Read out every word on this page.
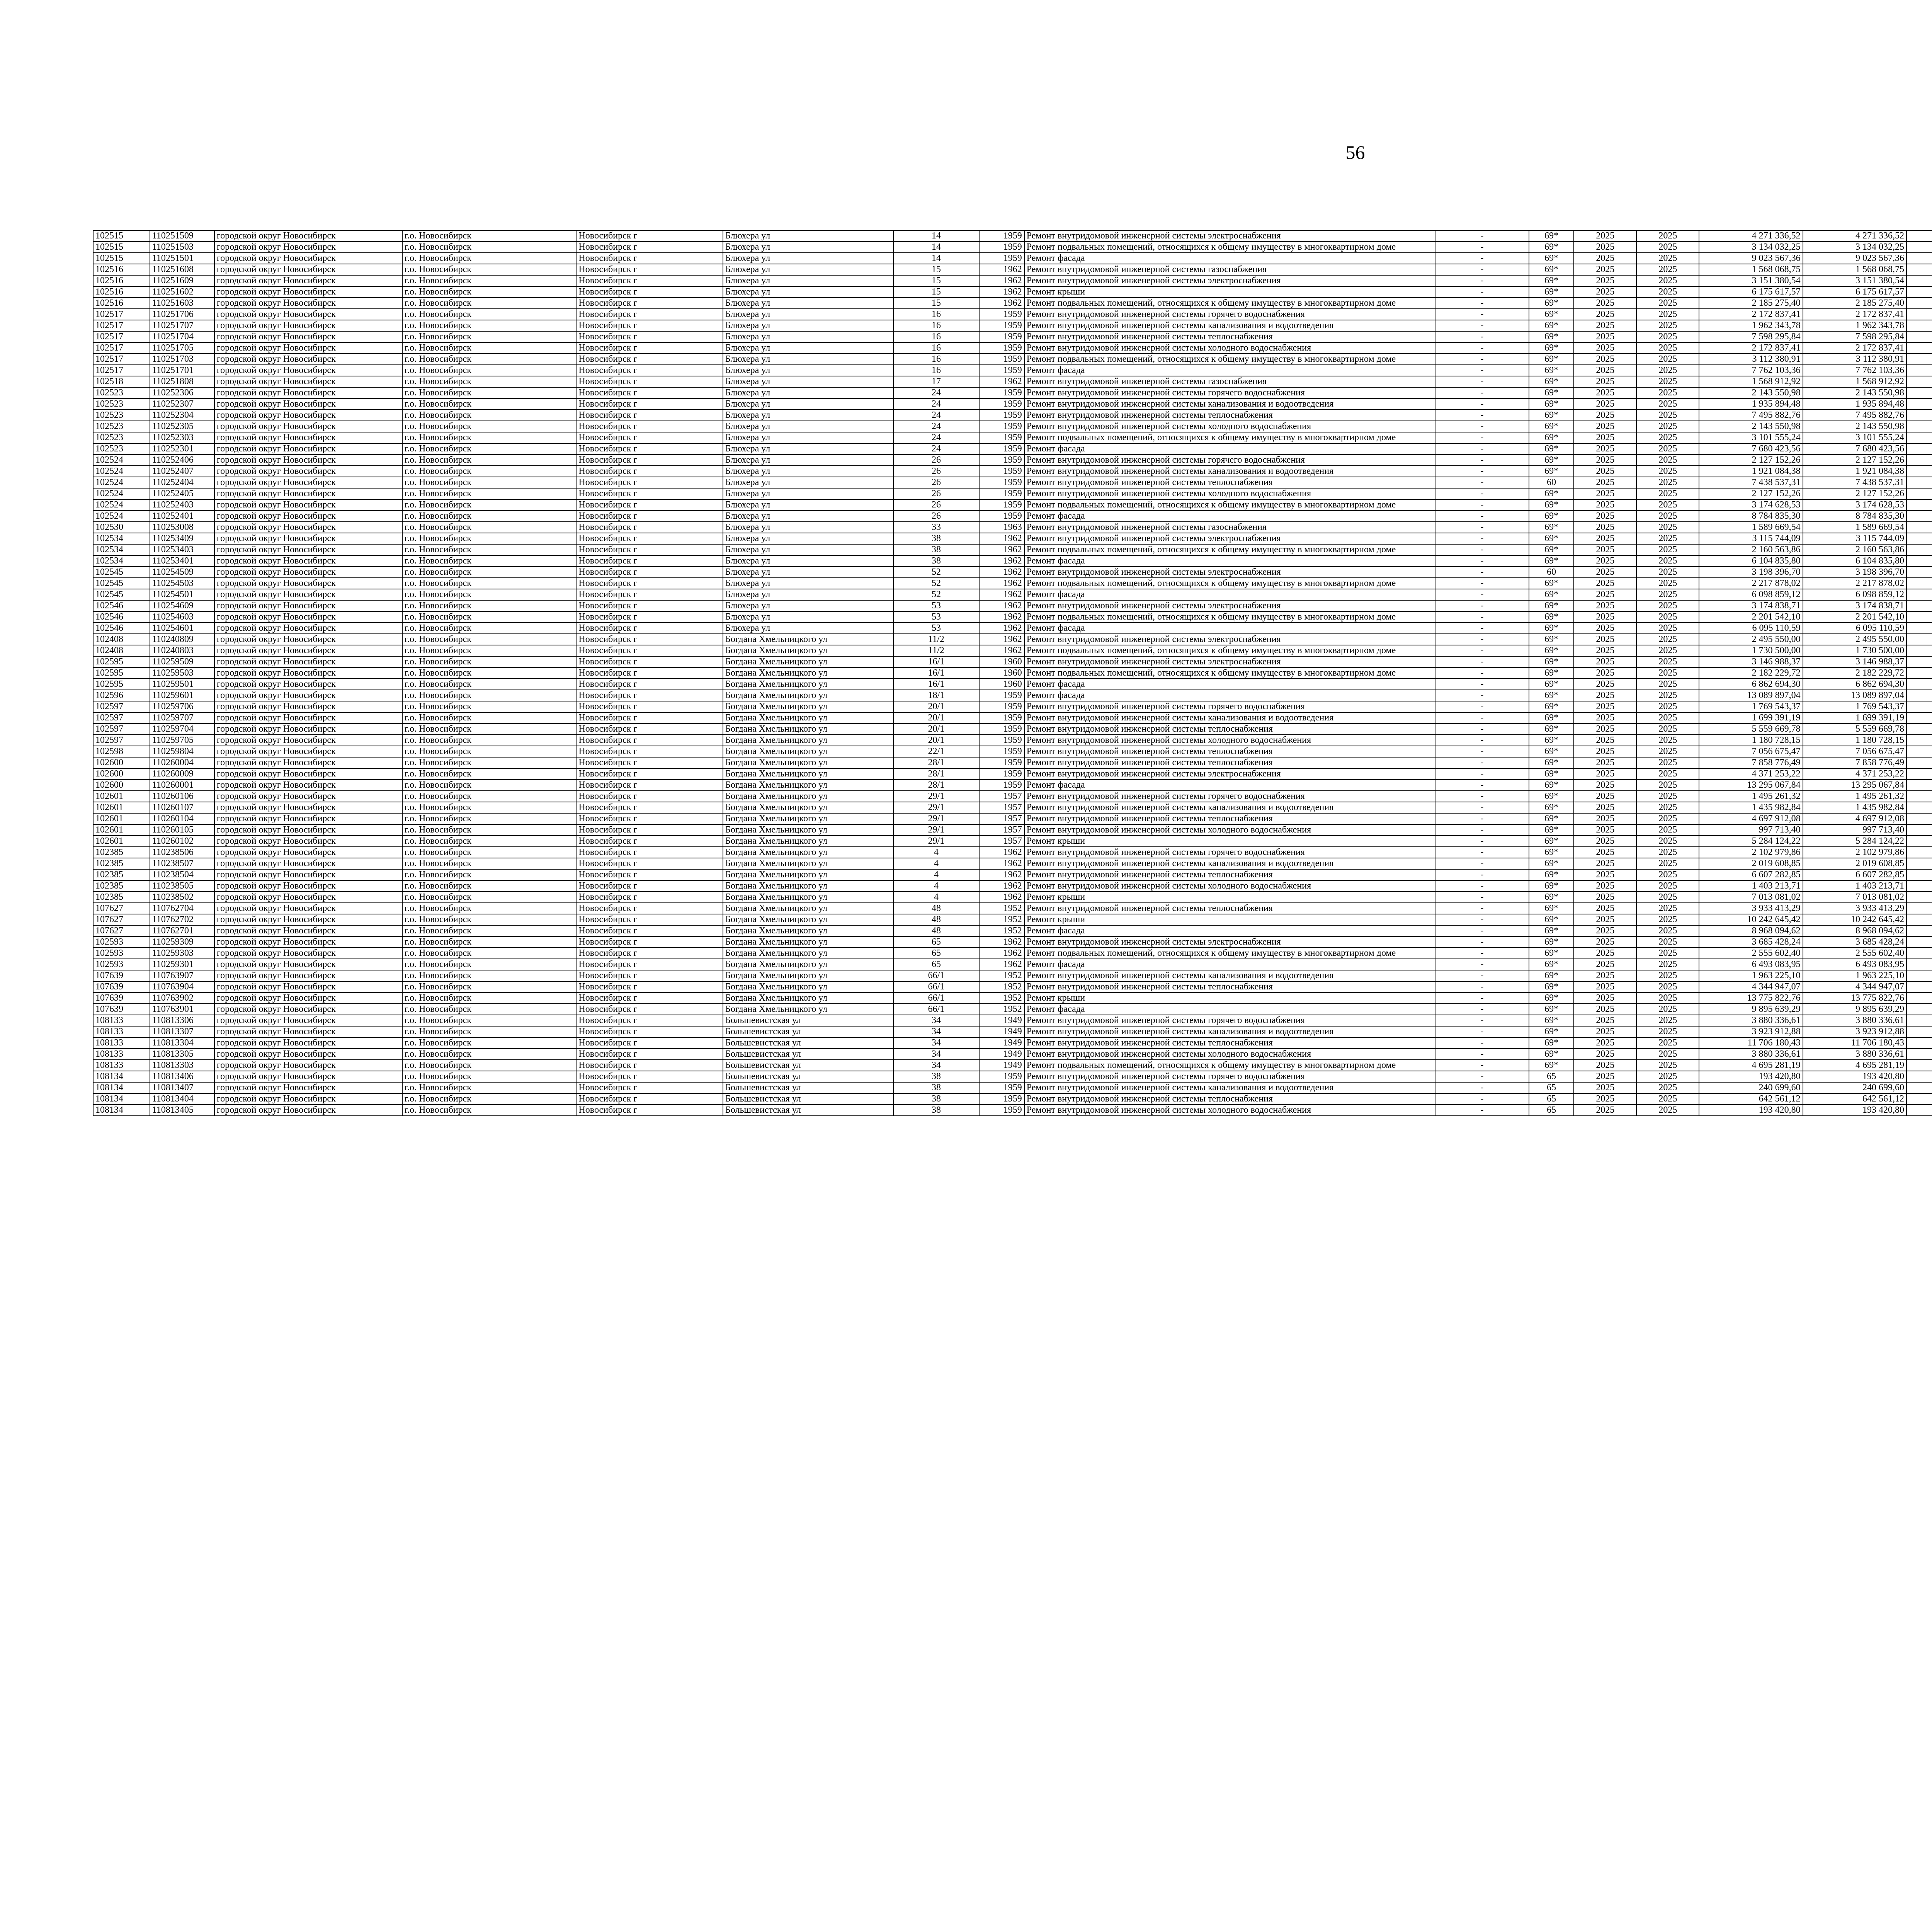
56
102515	110251509	городской округ Новосибирск	г.о. Новосибирск	Новосибирск г	Блюхера ул	14	1959	Ремонт внутридомовой инженерной системы электроснабжения	-	69*	2025	2025	4 271 336,52	4 271 336,52						
102515	110251503	городской округ Новосибирск	г.о. Новосибирск	Новосибирск г	Блюхера ул	14	1959	Ремонт подвальных помещений, относящихся к общему имуществу в многоквартирном доме	-	69*	2025	2025	3 134 032,25	3 134 032,25						
102515	110251501	городской округ Новосибирск	г.о. Новосибирск	Новосибирск г	Блюхера ул	14	1959	Ремонт фасада	-	69*	2025	2025	9 023 567,36	9 023 567,36						
102516	110251608	городской округ Новосибирск	г.о. Новосибирск	Новосибирск г	Блюхера ул	15	1962	Ремонт внутридомовой инженерной системы газоснабжения	-	69*	2025	2025	1 568 068,75	1 568 068,75						
102516	110251609	городской округ Новосибирск	г.о. Новосибирск	Новосибирск г	Блюхера ул	15	1962	Ремонт внутридомовой инженерной системы электроснабжения	-	69*	2025	2025	3 151 380,54	3 151 380,54						
102516	110251602	городской округ Новосибирск	г.о. Новосибирск	Новосибирск г	Блюхера ул	15	1962	Ремонт крыши	-	69*	2025	2025	6 175 617,57	6 175 617,57						
102516	110251603	городской округ Новосибирск	г.о. Новосибирск	Новосибирск г	Блюхера ул	15	1962	Ремонт подвальных помещений, относящихся к общему имуществу в многоквартирном доме	-	69*	2025	2025	2 185 275,40	2 185 275,40						
102517	110251706	городской округ Новосибирск	г.о. Новосибирск	Новосибирск г	Блюхера ул	16	1959	Ремонт внутридомовой инженерной системы горячего водоснабжения	-	69*	2025	2025	2 172 837,41	2 172 837,41						
102517	110251707	городской округ Новосибирск	г.о. Новосибирск	Новосибирск г	Блюхера ул	16	1959	Ремонт внутридомовой инженерной системы канализования и водоотведения	-	69*	2025	2025	1 962 343,78	1 962 343,78						
102517	110251704	городской округ Новосибирск	г.о. Новосибирск	Новосибирск г	Блюхера ул	16	1959	Ремонт внутридомовой инженерной системы теплоснабжения	-	69*	2025	2025	7 598 295,84	7 598 295,84						
102517	110251705	городской округ Новосибирск	г.о. Новосибирск	Новосибирск г	Блюхера ул	16	1959	Ремонт внутридомовой инженерной системы холодного водоснабжения	-	69*	2025	2025	2 172 837,41	2 172 837,41						
102517	110251703	городской округ Новосибирск	г.о. Новосибирск	Новосибирск г	Блюхера ул	16	1959	Ремонт подвальных помещений, относящихся к общему имуществу в многоквартирном доме	-	69*	2025	2025	3 112 380,91	3 112 380,91						
102517	110251701	городской округ Новосибирск	г.о. Новосибирск	Новосибирск г	Блюхера ул	16	1959	Ремонт фасада	-	69*	2025	2025	7 762 103,36	7 762 103,36						
102518	110251808	городской округ Новосибирск	г.о. Новосибирск	Новосибирск г	Блюхера ул	17	1962	Ремонт внутридомовой инженерной системы газоснабжения	-	69*	2025	2025	1 568 912,92	1 568 912,92						
102523	110252306	городской округ Новосибирск	г.о. Новосибирск	Новосибирск г	Блюхера ул	24	1959	Ремонт внутридомовой инженерной системы горячего водоснабжения	-	69*	2025	2025	2 143 550,98	2 143 550,98						
102523	110252307	городской округ Новосибирск	г.о. Новосибирск	Новосибирск г	Блюхера ул	24	1959	Ремонт внутридомовой инженерной системы канализования и водоотведения	-	69*	2025	2025	1 935 894,48	1 935 894,48						
102523	110252304	городской округ Новосибирск	г.о. Новосибирск	Новосибирск г	Блюхера ул	24	1959	Ремонт внутридомовой инженерной системы теплоснабжения	-	69*	2025	2025	7 495 882,76	7 495 882,76						
102523	110252305	городской округ Новосибирск	г.о. Новосибирск	Новосибирск г	Блюхера ул	24	1959	Ремонт внутридомовой инженерной системы холодного водоснабжения	-	69*	2025	2025	2 143 550,98	2 143 550,98						
102523	110252303	городской округ Новосибирск	г.о. Новосибирск	Новосибирск г	Блюхера ул	24	1959	Ремонт подвальных помещений, относящихся к общему имуществу в многоквартирном доме	-	69*	2025	2025	3 101 555,24	3 101 555,24						
102523	110252301	городской округ Новосибирск	г.о. Новосибирск	Новосибирск г	Блюхера ул	24	1959	Ремонт фасада	-	69*	2025	2025	7 680 423,56	7 680 423,56						
102524	110252406	городской округ Новосибирск	г.о. Новосибирск	Новосибирск г	Блюхера ул	26	1959	Ремонт внутридомовой инженерной системы горячего водоснабжения	-	69*	2025	2025	2 127 152,26	2 127 152,26						
102524	110252407	городской округ Новосибирск	г.о. Новосибирск	Новосибирск г	Блюхера ул	26	1959	Ремонт внутридомовой инженерной системы канализования и водоотведения	-	69*	2025	2025	1 921 084,38	1 921 084,38						
102524	110252404	городской округ Новосибирск	г.о. Новосибирск	Новосибирск г	Блюхера ул	26	1959	Ремонт внутридомовой инженерной системы теплоснабжения	-	60	2025	2025	7 438 537,31	7 438 537,31						
102524	110252405	городской округ Новосибирск	г.о. Новосибирск	Новосибирск г	Блюхера ул	26	1959	Ремонт внутридомовой инженерной системы холодного водоснабжения	-	69*	2025	2025	2 127 152,26	2 127 152,26						
102524	110252403	городской округ Новосибирск	г.о. Новосибирск	Новосибирск г	Блюхера ул	26	1959	Ремонт подвальных помещений, относящихся к общему имуществу в многоквартирном доме	-	69*	2025	2025	3 174 628,53	3 174 628,53						
102524	110252401	городской округ Новосибирск	г.о. Новосибирск	Новосибирск г	Блюхера ул	26	1959	Ремонт фасада	-	69*	2025	2025	8 784 835,30	8 784 835,30						
102530	110253008	городской округ Новосибирск	г.о. Новосибирск	Новосибирск г	Блюхера ул	33	1963	Ремонт внутридомовой инженерной системы газоснабжения	-	69*	2025	2025	1 589 669,54	1 589 669,54						
102534	110253409	городской округ Новосибирск	г.о. Новосибирск	Новосибирск г	Блюхера ул	38	1962	Ремонт внутридомовой инженерной системы электроснабжения	-	69*	2025	2025	3 115 744,09	3 115 744,09						
102534	110253403	городской округ Новосибирск	г.о. Новосибирск	Новосибирск г	Блюхера ул	38	1962	Ремонт подвальных помещений, относящихся к общему имуществу в многоквартирном доме	-	69*	2025	2025	2 160 563,86	2 160 563,86						
102534	110253401	городской округ Новосибирск	г.о. Новосибирск	Новосибирск г	Блюхера ул	38	1962	Ремонт фасада	-	69*	2025	2025	6 104 835,80	6 104 835,80						
102545	110254509	городской округ Новосибирск	г.о. Новосибирск	Новосибирск г	Блюхера ул	52	1962	Ремонт внутридомовой инженерной системы электроснабжения	-	60	2025	2025	3 198 396,70	3 198 396,70						
102545	110254503	городской округ Новосибирск	г.о. Новосибирск	Новосибирск г	Блюхера ул	52	1962	Ремонт подвальных помещений, относящихся к общему имуществу в многоквартирном доме	-	69*	2025	2025	2 217 878,02	2 217 878,02						
102545	110254501	городской округ Новосибирск	г.о. Новосибирск	Новосибирск г	Блюхера ул	52	1962	Ремонт фасада	-	69*	2025	2025	6 098 859,12	6 098 859,12						
102546	110254609	городской округ Новосибирск	г.о. Новосибирск	Новосибирск г	Блюхера ул	53	1962	Ремонт внутридомовой инженерной системы электроснабжения	-	69*	2025	2025	3 174 838,71	3 174 838,71						
102546	110254603	городской округ Новосибирск	г.о. Новосибирск	Новосибирск г	Блюхера ул	53	1962	Ремонт подвальных помещений, относящихся к общему имуществу в многоквартирном доме	-	69*	2025	2025	2 201 542,10	2 201 542,10						
102546	110254601	городской округ Новосибирск	г.о. Новосибирск	Новосибирск г	Блюхера ул	53	1962	Ремонт фасада	-	69*	2025	2025	6 095 110,59	6 095 110,59						
102408	110240809	городской округ Новосибирск	г.о. Новосибирск	Новосибирск г	Богдана Хмельницкого ул	11/2	1962	Ремонт внутридомовой инженерной системы электроснабжения	-	69*	2025	2025	2 495 550,00	2 495 550,00						
102408	110240803	городской округ Новосибирск	г.о. Новосибирск	Новосибирск г	Богдана Хмельницкого ул	11/2	1962	Ремонт подвальных помещений, относящихся к общему имуществу в многоквартирном доме	-	69*	2025	2025	1 730 500,00	1 730 500,00						
102595	110259509	городской округ Новосибирск	г.о. Новосибирск	Новосибирск г	Богдана Хмельницкого ул	16/1	1960	Ремонт внутридомовой инженерной системы электроснабжения	-	69*	2025	2025	3 146 988,37	3 146 988,37						
102595	110259503	городской округ Новосибирск	г.о. Новосибирск	Новосибирск г	Богдана Хмельницкого ул	16/1	1960	Ремонт подвальных помещений, относящихся к общему имуществу в многоквартирном доме	-	69*	2025	2025	2 182 229,72	2 182 229,72						
102595	110259501	городской округ Новосибирск	г.о. Новосибирск	Новосибирск г	Богдана Хмельницкого ул	16/1	1960	Ремонт фасада	-	69*	2025	2025	6 862 694,30	6 862 694,30						
102596	110259601	городской округ Новосибирск	г.о. Новосибирск	Новосибирск г	Богдана Хмельницкого ул	18/1	1959	Ремонт фасада	-	69*	2025	2025	13 089 897,04	13 089 897,04						
102597	110259706	городской округ Новосибирск	г.о. Новосибирск	Новосибирск г	Богдана Хмельницкого ул	20/1	1959	Ремонт внутридомовой инженерной системы горячего водоснабжения	-	69*	2025	2025	1 769 543,37	1 769 543,37						
102597	110259707	городской округ Новосибирск	г.о. Новосибирск	Новосибирск г	Богдана Хмельницкого ул	20/1	1959	Ремонт внутридомовой инженерной системы канализования и водоотведения	-	69*	2025	2025	1 699 391,19	1 699 391,19						
102597	110259704	городской округ Новосибирск	г.о. Новосибирск	Новосибирск г	Богдана Хмельницкого ул	20/1	1959	Ремонт внутридомовой инженерной системы теплоснабжения	-	69*	2025	2025	5 559 669,78	5 559 669,78						
102597	110259705	городской округ Новосибирск	г.о. Новосибирск	Новосибирск г	Богдана Хмельницкого ул	20/1	1959	Ремонт внутридомовой инженерной системы холодного водоснабжения	-	69*	2025	2025	1 180 728,15	1 180 728,15						
102598	110259804	городской округ Новосибирск	г.о. Новосибирск	Новосибирск г	Богдана Хмельницкого ул	22/1	1959	Ремонт внутридомовой инженерной системы теплоснабжения	-	69*	2025	2025	7 056 675,47	7 056 675,47						
102600	110260004	городской округ Новосибирск	г.о. Новосибирск	Новосибирск г	Богдана Хмельницкого ул	28/1	1959	Ремонт внутридомовой инженерной системы теплоснабжения	-	69*	2025	2025	7 858 776,49	7 858 776,49						
102600	110260009	городской округ Новосибирск	г.о. Новосибирск	Новосибирск г	Богдана Хмельницкого ул	28/1	1959	Ремонт внутридомовой инженерной системы электроснабжения	-	69*	2025	2025	4 371 253,22	4 371 253,22						
102600	110260001	городской округ Новосибирск	г.о. Новосибирск	Новосибирск г	Богдана Хмельницкого ул	28/1	1959	Ремонт фасада	-	69*	2025	2025	13 295 067,84	13 295 067,84						
102601	110260106	городской округ Новосибирск	г.о. Новосибирск	Новосибирск г	Богдана Хмельницкого ул	29/1	1957	Ремонт внутридомовой инженерной системы горячего водоснабжения	-	69*	2025	2025	1 495 261,32	1 495 261,32						
102601	110260107	городской округ Новосибирск	г.о. Новосибирск	Новосибирск г	Богдана Хмельницкого ул	29/1	1957	Ремонт внутридомовой инженерной системы канализования и водоотведения	-	69*	2025	2025	1 435 982,84	1 435 982,84						
102601	110260104	городской округ Новосибирск	г.о. Новосибирск	Новосибирск г	Богдана Хмельницкого ул	29/1	1957	Ремонт внутридомовой инженерной системы теплоснабжения	-	69*	2025	2025	4 697 912,08	4 697 912,08						
102601	110260105	городской округ Новосибирск	г.о. Новосибирск	Новосибирск г	Богдана Хмельницкого ул	29/1	1957	Ремонт внутридомовой инженерной системы холодного водоснабжения	-	69*	2025	2025	997 713,40	997 713,40						
102601	110260102	городской округ Новосибирск	г.о. Новосибирск	Новосибирск г	Богдана Хмельницкого ул	29/1	1957	Ремонт крыши	-	69*	2025	2025	5 284 124,22	5 284 124,22						
102385	110238506	городской округ Новосибирск	г.о. Новосибирск	Новосибирск г	Богдана Хмельницкого ул	4	1962	Ремонт внутридомовой инженерной системы горячего водоснабжения	-	69*	2025	2025	2 102 979,86	2 102 979,86						
102385	110238507	городской округ Новосибирск	г.о. Новосибирск	Новосибирск г	Богдана Хмельницкого ул	4	1962	Ремонт внутридомовой инженерной системы канализования и водоотведения	-	69*	2025	2025	2 019 608,85	2 019 608,85						
102385	110238504	городской округ Новосибирск	г.о. Новосибирск	Новосибирск г	Богдана Хмельницкого ул	4	1962	Ремонт внутридомовой инженерной системы теплоснабжения	-	69*	2025	2025	6 607 282,85	6 607 282,85						
102385	110238505	городской округ Новосибирск	г.о. Новосибирск	Новосибирск г	Богдана Хмельницкого ул	4	1962	Ремонт внутридомовой инженерной системы холодного водоснабжения	-	69*	2025	2025	1 403 213,71	1 403 213,71						
102385	110238502	городской округ Новосибирск	г.о. Новосибирск	Новосибирск г	Богдана Хмельницкого ул	4	1962	Ремонт крыши	-	69*	2025	2025	7 013 081,02	7 013 081,02						
107627	110762704	городской округ Новосибирск	г.о. Новосибирск	Новосибирск г	Богдана Хмельницкого ул	48	1952	Ремонт внутридомовой инженерной системы теплоснабжения	-	69*	2025	2025	3 933 413,29	3 933 413,29						
107627	110762702	городской округ Новосибирск	г.о. Новосибирск	Новосибирск г	Богдана Хмельницкого ул	48	1952	Ремонт крыши	-	69*	2025	2025	10 242 645,42	10 242 645,42						
107627	110762701	городской округ Новосибирск	г.о. Новосибирск	Новосибирск г	Богдана Хмельницкого ул	48	1952	Ремонт фасада	-	69*	2025	2025	8 968 094,62	8 968 094,62						
102593	110259309	городской округ Новосибирск	г.о. Новосибирск	Новосибирск г	Богдана Хмельницкого ул	65	1962	Ремонт внутридомовой инженерной системы электроснабжения	-	69*	2025	2025	3 685 428,24	3 685 428,24						
102593	110259303	городской округ Новосибирск	г.о. Новосибирск	Новосибирск г	Богдана Хмельницкого ул	65	1962	Ремонт подвальных помещений, относящихся к общему имуществу в многоквартирном доме	-	69*	2025	2025	2 555 602,40	2 555 602,40						
102593	110259301	городской округ Новосибирск	г.о. Новосибирск	Новосибирск г	Богдана Хмельницкого ул	65	1962	Ремонт фасада	-	69*	2025	2025	6 493 083,95	6 493 083,95						
107639	110763907	городской округ Новосибирск	г.о. Новосибирск	Новосибирск г	Богдана Хмельницкого ул	66/1	1952	Ремонт внутридомовой инженерной системы канализования и водоотведения	-	69*	2025	2025	1 963 225,10	1 963 225,10						
107639	110763904	городской округ Новосибирск	г.о. Новосибирск	Новосибирск г	Богдана Хмельницкого ул	66/1	1952	Ремонт внутридомовой инженерной системы теплоснабжения	-	69*	2025	2025	4 344 947,07	4 344 947,07						
107639	110763902	городской округ Новосибирск	г.о. Новосибирск	Новосибирск г	Богдана Хмельницкого ул	66/1	1952	Ремонт крыши	-	69*	2025	2025	13 775 822,76	13 775 822,76						
107639	110763901	городской округ Новосибирск	г.о. Новосибирск	Новосибирск г	Богдана Хмельницкого ул	66/1	1952	Ремонт фасада	-	69*	2025	2025	9 895 639,29	9 895 639,29						
108133	110813306	городской округ Новосибирск	г.о. Новосибирск	Новосибирск г	Большевистская ул	34	1949	Ремонт внутридомовой инженерной системы горячего водоснабжения	-	69*	2025	2025	3 880 336,61	3 880 336,61						
108133	110813307	городской округ Новосибирск	г.о. Новосибирск	Новосибирск г	Большевистская ул	34	1949	Ремонт внутридомовой инженерной системы канализования и водоотведения	-	69*	2025	2025	3 923 912,88	3 923 912,88						
108133	110813304	городской округ Новосибирск	г.о. Новосибирск	Новосибирск г	Большевистская ул	34	1949	Ремонт внутридомовой инженерной системы теплоснабжения	-	69*	2025	2025	11 706 180,43	11 706 180,43						
108133	110813305	городской округ Новосибирск	г.о. Новосибирск	Новосибирск г	Большевистская ул	34	1949	Ремонт внутридомовой инженерной системы холодного водоснабжения	-	69*	2025	2025	3 880 336,61	3 880 336,61						
108133	110813303	городской округ Новосибирск	г.о. Новосибирск	Новосибирск г	Большевистская ул	34	1949	Ремонт подвальных помещений, относящихся к общему имуществу в многоквартирном доме	-	69*	2025	2025	4 695 281,19	4 695 281,19						
108134	110813406	городской округ Новосибирск	г.о. Новосибирск	Новосибирск г	Большевистская ул	38	1959	Ремонт внутридомовой инженерной системы горячего водоснабжения	-	65	2025	2025	193 420,80	193 420,80						
108134	110813407	городской округ Новосибирск	г.о. Новосибирск	Новосибирск г	Большевистская ул	38	1959	Ремонт внутридомовой инженерной системы канализования и водоотведения	-	65	2025	2025	240 699,60	240 699,60						
108134	110813404	городской округ Новосибирск	г.о. Новосибирск	Новосибирск г	Большевистская ул	38	1959	Ремонт внутридомовой инженерной системы теплоснабжения	-	65	2025	2025	642 561,12	642 561,12						
108134	110813405	городской округ Новосибирск	г.о. Новосибирск	Новосибирск г	Большевистская ул	38	1959	Ремонт внутридомовой инженерной системы холодного водоснабжения	-	65	2025	2025	193 420,80	193 420,80						
